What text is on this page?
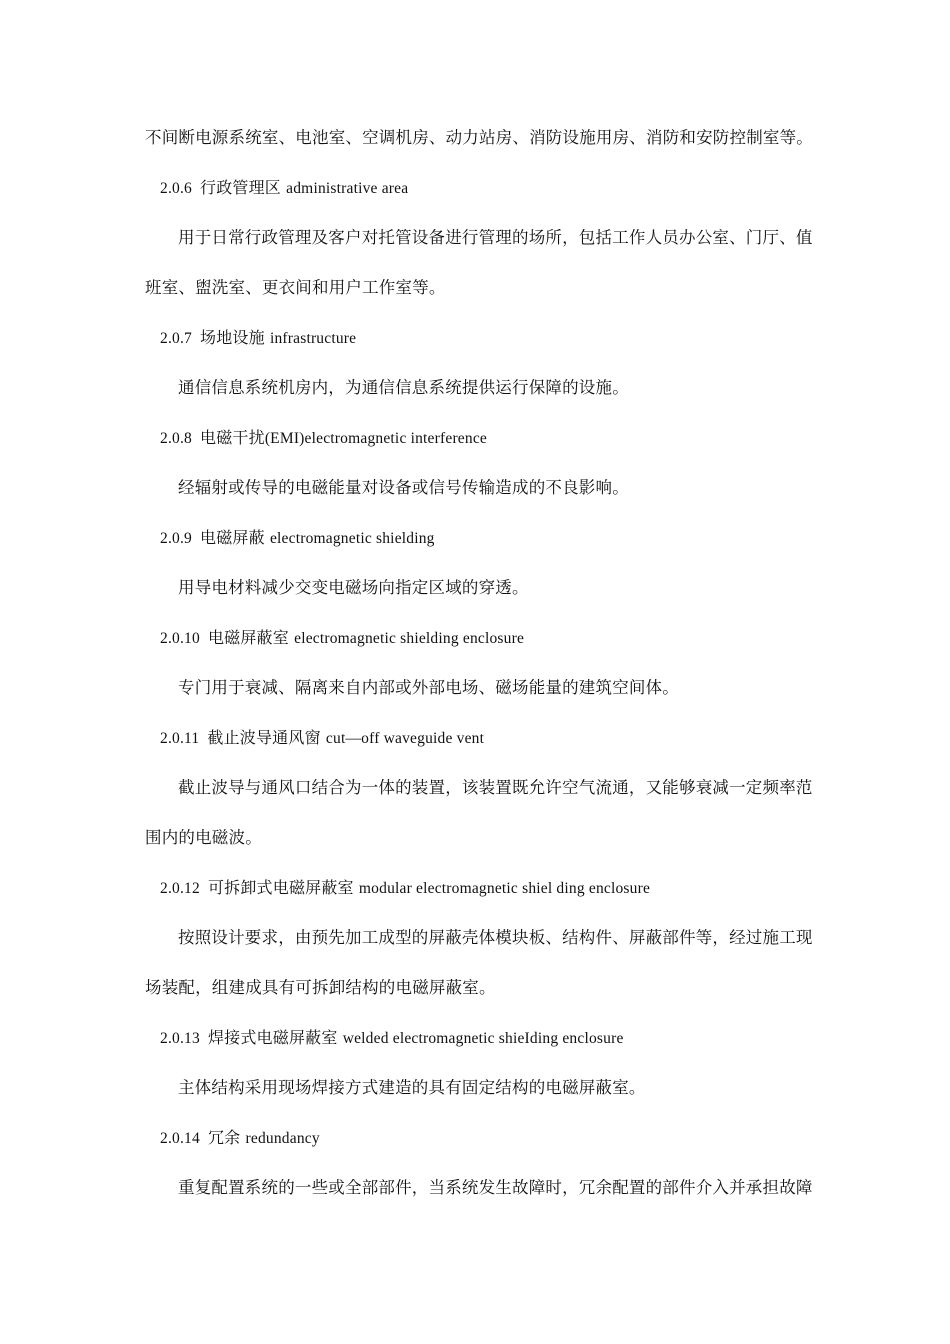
不间断电源系统室、电池室、空调机房、动力站房、消防设施用房、消防和安防控制室等。
2.0.6 行政管理区 administrative area
用于日常行政管理及客户对托管设备进行管理的场所，包括工作人员办公室、门厅、值
班室、盥洗室、更衣间和用户工作室等。
2.0.7 场地设施 infrastructure
通信信息系统机房内，为通信信息系统提供运行保障的设施。
2.0.8 电磁干扰(EMI)electromagnetic interference
经辐射或传导的电磁能量对设备或信号传输造成的不良影响。
2.0.9 电磁屏蔽 electromagnetic shielding
用导电材料减少交变电磁场向指定区域的穿透。
2.0.10 电磁屏蔽室 electromagnetic shielding enclosure
专门用于衰减、隔离来自内部或外部电场、磁场能量的建筑空间体。
2.0.11 截止波导通风窗 cut—off waveguide vent
截止波导与通风口结合为一体的装置，该装置既允许空气流通，又能够衰减一定频率范
围内的电磁波。
2.0.12 可拆卸式电磁屏蔽室 modular electromagnetic shiel ding enclosure
按照设计要求，由预先加工成型的屏蔽壳体模块板、结构件、屏蔽部件等，经过施工现
场装配，组建成具有可拆卸结构的电磁屏蔽室。
2.0.13 焊接式电磁屏蔽室 welded electromagnetic shieIding enclosure
主体结构采用现场焊接方式建造的具有固定结构的电磁屏蔽室。
2.0.14 冗余 redundancy
重复配置系统的一些或全部部件，当系统发生故障时，冗余配置的部件介入并承担故障
